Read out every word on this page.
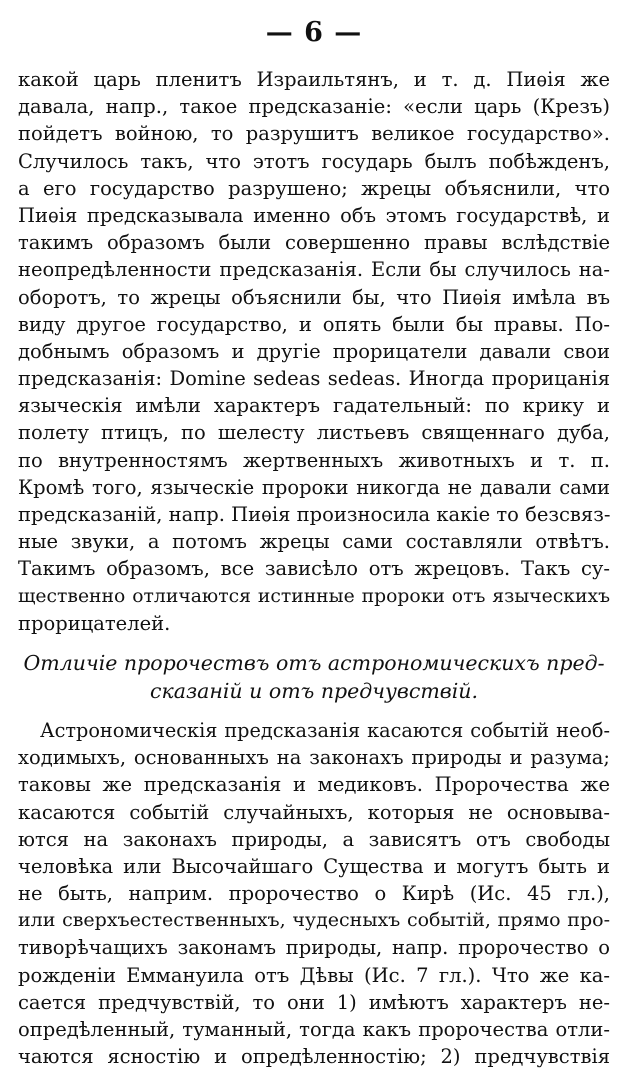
— 6 —
какой царь пленитъ Израильтянъ, и т. д. Пиѳія же
давала, напр., такое предсказаніе: «если царь (Крезъ)
пойдетъ войною, то разрушитъ великое государство».
Случилось такъ, что этотъ государь былъ побѣжденъ,
а его государство разрушено; жрецы объяснили, что
Пиѳія предсказывала именно объ этомъ государствѣ, и
такимъ образомъ были совершенно правы вслѣдствіе
неопредѣленности предсказанія. Если бы случилось на-
оборотъ, то жрецы объяснили бы, что Пиѳія имѣла въ
виду другое государство, и опять были бы правы. По-
добнымъ образомъ и другіе прорицатели давали свои
предсказанія: Domine sedeas sedeas. Иногда прорицанія
языческія имѣли характеръ гадательный: по крику и
полету птицъ, по шелесту листьевъ священнаго дуба,
по внутренностямъ жертвенныхъ животныхъ и т. п.
Кромѣ того, языческіе пророки никогда не давали сами
предсказаній, напр. Пиѳія произносила какіе то безсвяз-
ные звуки, а потомъ жрецы сами составляли отвѣтъ.
Такимъ образомъ, все зависѣло отъ жрецовъ. Такъ су-
щественно отличаются истинные пророки отъ языческихъ
прорицателей.
Отличіе пророчествъ отъ астрономическихъ пред-
сказаній и отъ предчувствій.
Астрономическія предсказанія касаются событій необ-
ходимыхъ, основанныхъ на законахъ природы и разума;
таковы же предсказанія и медиковъ. Пророчества же
касаются событій случайныхъ, которыя не основыва-
ются на законахъ природы, а зависятъ отъ свободы
человѣка или Высочайшаго Существа и могутъ быть и
не быть, наприм. пророчество о Кирѣ (Ис. 45 гл.),
или сверхъестественныхъ, чудесныхъ событій, прямо про-
тиворѣчащихъ законамъ природы, напр. пророчество о
рожденіи Еммануила отъ Дѣвы (Ис. 7 гл.). Что же ка-
сается предчувствій, то они 1) имѣютъ характеръ не-
опредѣленный, туманный, тогда какъ пророчества отли-
чаются ясностію и опредѣленностію; 2) предчувствія
